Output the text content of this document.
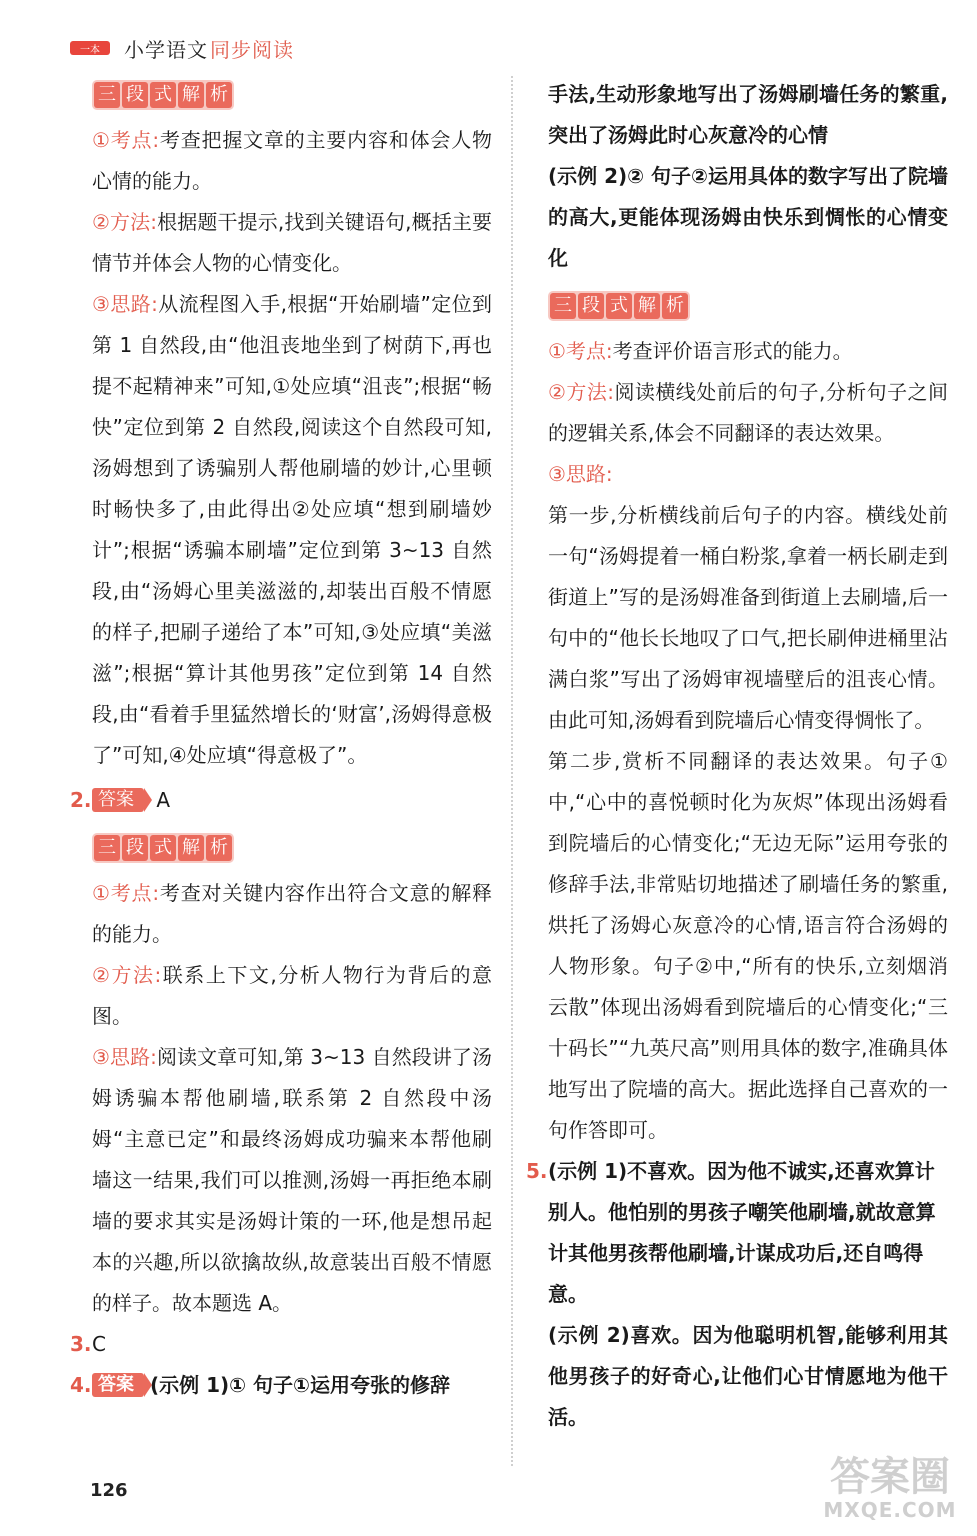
一本	小学语文 同步阅读
三 段 式 解 析

①考点:考查把握文章的主要内容和体会人物心情的能力。

②方法:根据题干提示,找到关键语句,概括主要情节并体会人物的心情变化。

③思路:从流程图入手,根据“开始刷墙”定位到第 1 自然段,由“他沮丧地坐到了树荫下,再也提不起精神来”可知,①处应填“沮丧”;根据“畅快”定位到第 2 自然段,阅读这个自然段可知,汤姆想到了诱骗别人帮他刷墙的妙计,心里顿时畅快多了,由此得出②处应填“想到刷墙妙计”;根据“诱骗本刷墙”定位到第 3~13 自然段,由“汤姆心里美滋滋的,却装出百般不情愿的样子,把刷子递给了本”可知,③处应填“美滋滋”;根据“算计其他男孩”定位到第 14 自然段,由“看着手里猛然增长的‘财富’,汤姆得意极了”可知,④处应填“得意极了”。

2. 答案 A
三 段 式 解 析

①考点:考查对关键内容作出符合文意的解释的能力。

②方法:联系上下文,分析人物行为背后的意图。

③思路:阅读文章可知,第 3~13 自然段讲了汤姆诱骗本帮他刷墙,联系第 2 自然段中汤姆“主意已定”和最终汤姆成功骗来本帮他刷墙这一结果,我们可以推测,汤姆一再拒绝本刷墙的要求其实是汤姆计策的一环,他是想吊起本的兴趣,所以欲擒故纵,故意装出百般不情愿的样子。故本题选 A。

3. C
4. 答案 (示例 1)① 句子①运用夸张的修辞

手法,生动形象地写出了汤姆刷墙任务的繁重,突出了汤姆此时心灰意冷的心情

(示例 2)② 句子②运用具体的数字写出了院墙的高大,更能体现汤姆由快乐到惆怅的心情变化

三 段 式 解 析

①考点:考查评价语言形式的能力。

②方法:阅读横线处前后的句子,分析句子之间的逻辑关系,体会不同翻译的表达效果。

③思路:

第一步,分析横线前后句子的内容。横线处前一句“汤姆提着一桶白粉浆,拿着一柄长刷走到街道上”写的是汤姆准备到街道上去刷墙,后一句中的“他长长地叹了口气,把长刷伸进桶里沾满白浆”写出了汤姆审视墙壁后的沮丧心情。由此可知,汤姆看到院墙后心情变得惆怅了。

第二步,赏析不同翻译的表达效果。句子①中,“心中的喜悦顿时化为灰烬”体现出汤姆看到院墙后的心情变化;“无边无际”运用夸张的修辞手法,非常贴切地描述了刷墙任务的繁重,烘托了汤姆心灰意冷的心情,语言符合汤姆的人物形象。句子②中,“所有的快乐,立刻烟消云散”体现出汤姆看到院墙后的心情变化;“三十码长”“九英尺高”则用具体的数字,准确具体地写出了院墙的高大。据此选择自己喜欢的一句作答即可。

5. (示例 1)不喜欢。因为他不诚实,还喜欢算计别人。他怕别的男孩子嘲笑他刷墙,就故意算计其他男孩帮他刷墙,计谋成功后,还自鸣得意。

(示例 2)喜欢。因为他聪明机智,能够利用其他男孩子的好奇心,让他们心甘情愿地为他干活。

126	答案圈
MXQE.COM
